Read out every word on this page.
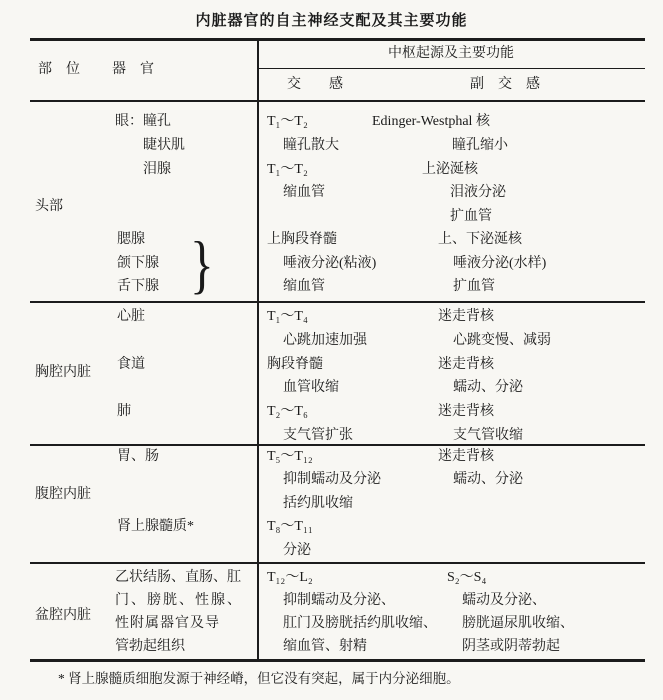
内脏器官的自主神经支配及其主要功能
部　位 器　官
中枢起源及主要功能
交　　感	副　交　感
头部
眼：瞳孔
睫状肌
泪腺
腮腺
颌下腺
舌下腺 }
T₁～T₂
瞳孔散大
T₁～T₂
缩血管
上胸段脊髓
唾液分泌(粘液)
缩血管
Edinger-Westphal 核
瞳孔缩小
上泌涎核
泪液分泌
扩血管
上、下泌涎核
唾液分泌(水样)
扩血管
胸腔内脏
心脏
食道
肺
T₁～T₄
心跳加速加强
胸段脊髓
血管收缩
T₂～T₆
支气管扩张
迷走背核
心跳变慢、减弱
迷走背核
蠕动、分泌
迷走背核
支气管收缩
腹腔内脏
胃、肠
肾上腺髓质*
T₅～T₁₂
抑制蠕动及分泌
括约肌收缩
T₈～T₁₁
分泌
迷走背核
蠕动、分泌
盆腔内脏
乙状结肠、直肠、肛
门、膀胱、性腺、
性附属器官及导
管勃起组织
T₁₂～L₂
抑制蠕动及分泌、
肛门及膀胱括约肌收缩、
缩血管、射精
S₂～S₄
蠕动及分泌、
膀胱逼尿肌收缩、
阴茎或阴蒂勃起
* 肾上腺髓质细胞发源于神经嵴，但它没有突起，属于内分泌细胞。
